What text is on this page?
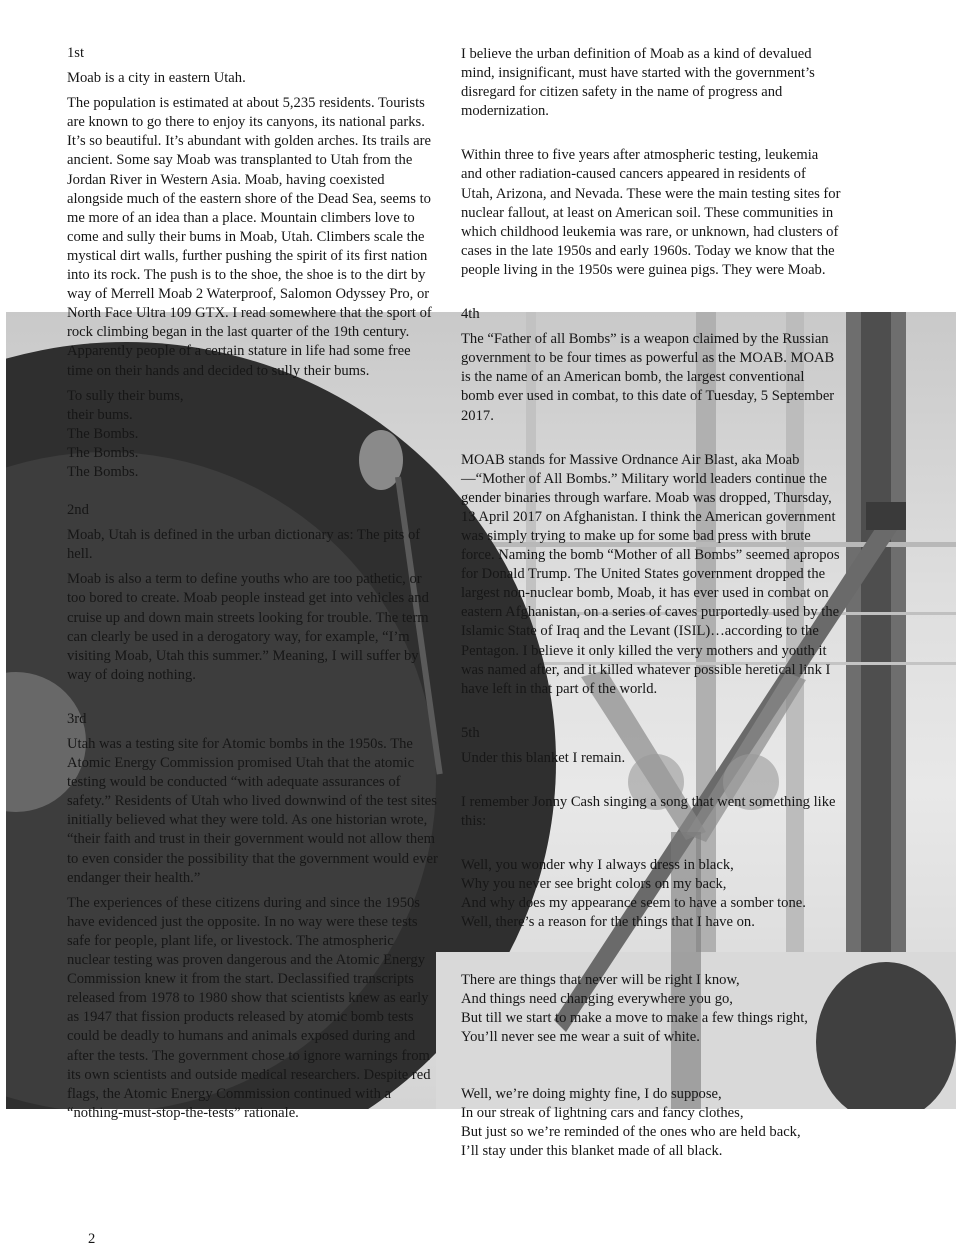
1st

Moab is a city in eastern Utah.

The population is estimated at about 5,235 residents. Tourists are known to go there to enjoy its canyons, its national parks. It’s so beautiful. It’s abundant with golden arches. Its trails are ancient. Some say Moab was transplanted to Utah from the Jordan River in Western Asia. Moab, having coexisted alongside much of the eastern shore of the Dead Sea, seems to me more of an idea than a place. Mountain climbers love to come and sully their bums in Moab, Utah. Climbers scale the mystical dirt walls, further pushing the spirit of its first nation into its rock. The push is to the shoe, the shoe is to the dirt by way of Merrell Moab 2 Waterproof, Salomon Odyssey Pro, or North Face Ultra 109 GTX. I read somewhere that the sport of rock climbing began in the last quarter of the 19th century. Apparently people of a certain stature in life had some free time on their hands and decided to sully their bums.

To sully their bums,
their bums.
The Bombs.
The Bombs.
The Bombs.
2nd

Moab, Utah is defined in the urban dictionary as: The pits of hell.

Moab is also a term to define youths who are too pathetic, or too bored to create. Moab people instead get into vehicles and cruise up and down main streets looking for trouble. The term can clearly be used in a derogatory way, for example, “I’m visiting Moab, Utah this summer.” Meaning, I will suffer by way of doing nothing.

3rd

Utah was a testing site for Atomic bombs in the 1950s. The Atomic Energy Commission promised Utah that the atomic testing would be conducted “with adequate assurances of safety.” Residents of Utah who lived downwind of the test sites initially believed what they were told. As one historian wrote, “their faith and trust in their government would not allow them to even consider the possibility that the government would ever endanger their health.”

The experiences of these citizens during and since the 1950s have evidenced just the opposite. In no way were these tests safe for people, plant life, or livestock. The atmospheric nuclear testing was proven dangerous and the Atomic Energy Commission knew it from the start. Declassified transcripts released from 1978 to 1980 show that scientists knew as early as 1947 that fission products released by atomic bomb tests could be deadly to humans and animals exposed during and after the tests. The government chose to ignore warnings from its own scientists and outside medical researchers. Despite red flags, the Atomic Energy Commission continued with a “nothing-must-stop-the-tests” rationale.

I believe the urban definition of Moab as a kind of devalued mind, insignificant, must have started with the government’s disregard for citizen safety in the name of progress and modernization.

Within three to five years after atmospheric testing, leukemia and other radiation-caused cancers appeared in residents of Utah, Arizona, and Nevada. These were the main testing sites for nuclear fallout, at least on American soil. These communities in which childhood leukemia was rare, or unknown, had clusters of cases in the late 1950s and early 1960s. Today we know that the people living in the 1950s were guinea pigs. They were Moab.

4th

The “Father of all Bombs” is a weapon claimed by the Russian government to be four times as powerful as the MOAB. MOAB is the name of an American bomb, the largest conventional bomb ever used in combat, to this date of Tuesday, 5 September 2017.

MOAB stands for Massive Ordnance Air Blast, aka Moab—“Mother of All Bombs.” Military world leaders continue the gender binaries through warfare. Moab was dropped, Thursday, 13 April 2017 on Afghanistan. I think the American government was simply trying to make up for some bad press with brute force. Naming the bomb “Mother of all Bombs” seemed apropos for Donald Trump. The United States government dropped the largest non-nuclear bomb, Moab, it has ever used in combat on eastern Afghanistan, on a series of caves purportedly used by the Islamic State of Iraq and the Levant (ISIL)…according to the Pentagon. I believe it only killed the very mothers and youth it was named after, and it killed whatever possible heretical link I have left in that part of the world.

5th

Under this blanket I remain.

I remember Jonny Cash singing a song that went something like this:

Well, you wonder why I always dress in black,
Why you never see bright colors on my back,
And why does my appearance seem to have a somber tone.
Well, there’s a reason for the things that I have on.
There are things that never will be right I know,
And things need changing everywhere you go,
But till we start to make a move to make a few things right,
You’ll never see me wear a suit of white.
Well, we’re doing mighty fine, I do suppose,
In our streak of lightning cars and fancy clothes,
But just so we’re reminded of the ones who are held back,
I’ll stay under this blanket made of all black.
2
